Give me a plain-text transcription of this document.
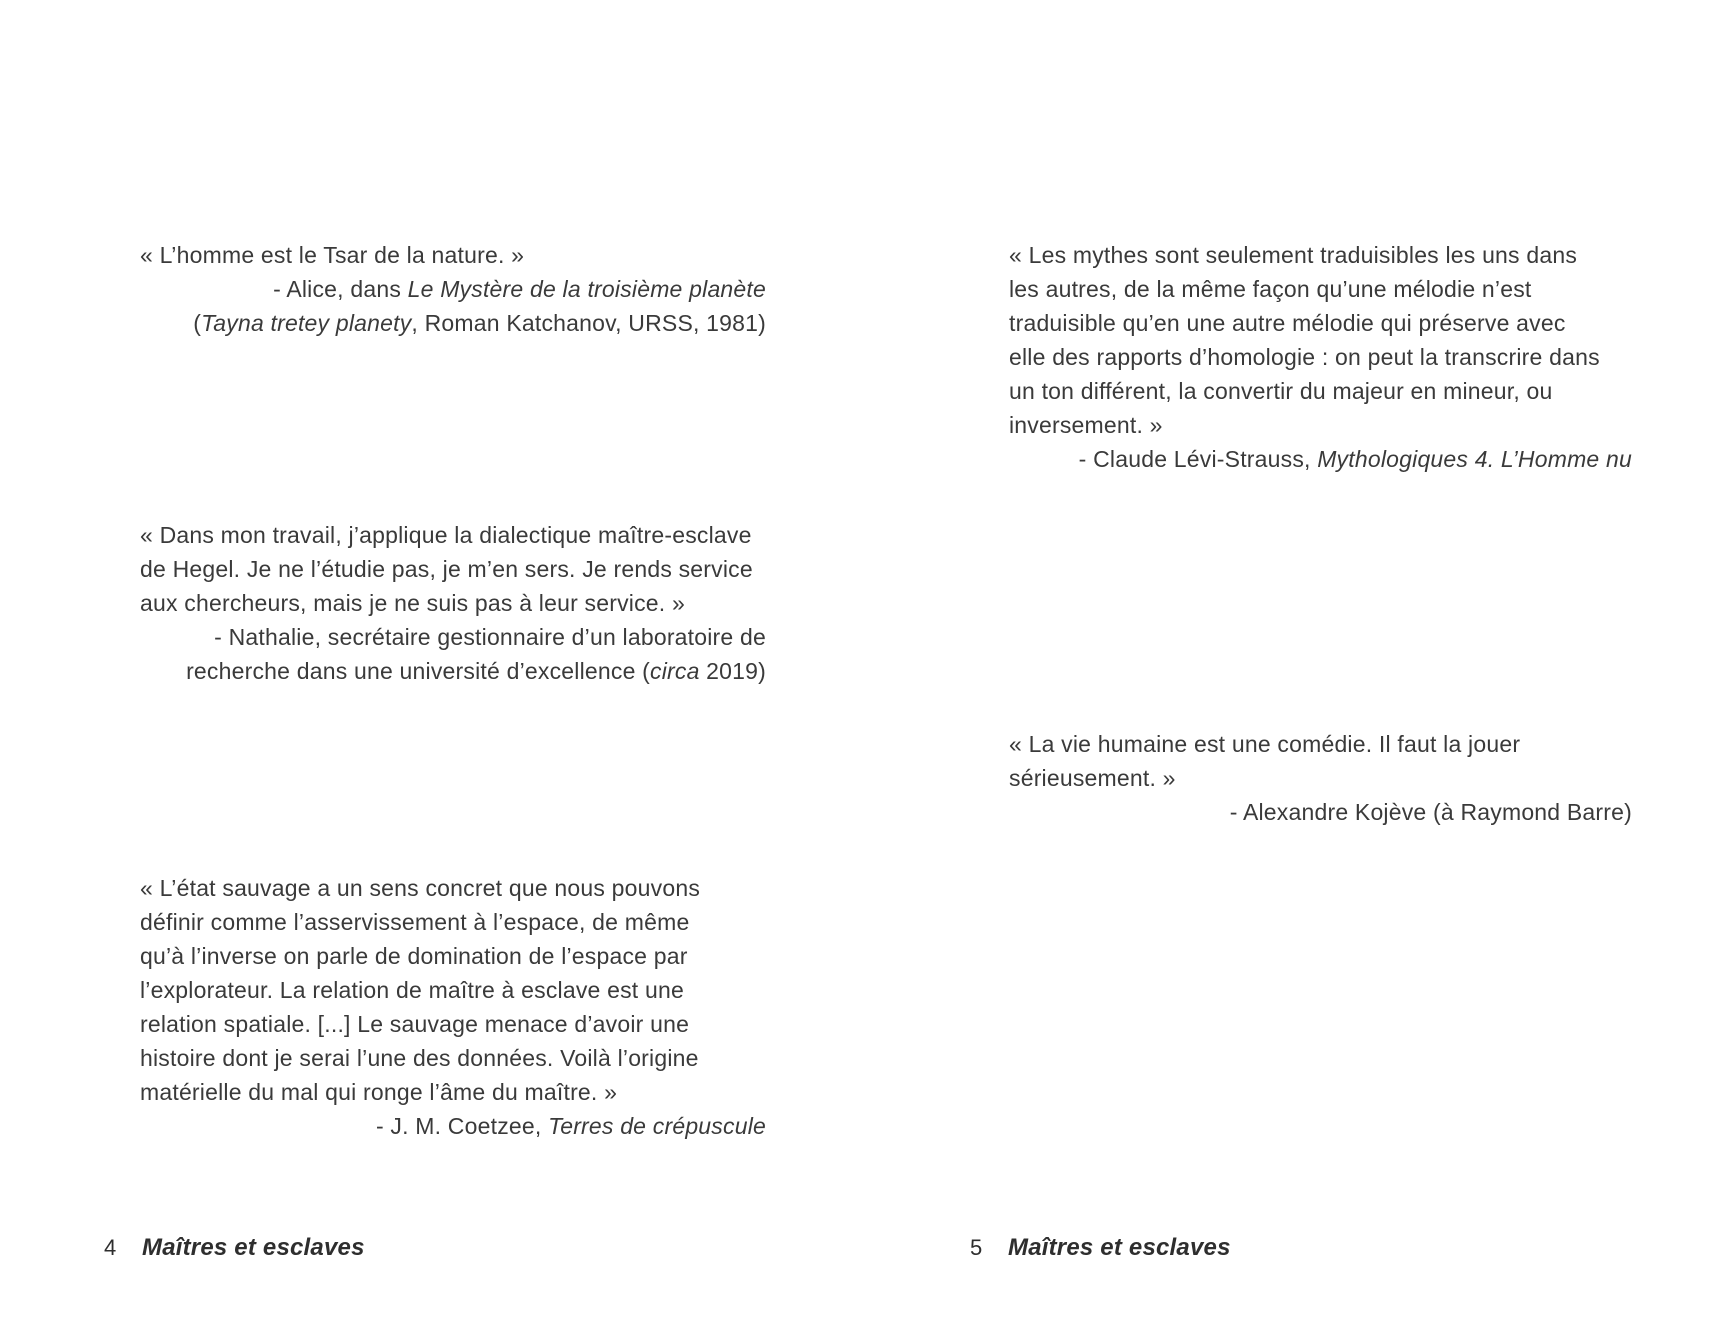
« L’homme est le Tsar de la nature. »
- Alice, dans Le Mystère de la troisième planète
(Tayna tretey planety, Roman Katchanov, URSS, 1981)
« Dans mon travail, j’applique la dialectique maître-esclave
de Hegel. Je ne l’étudie pas, je m’en sers. Je rends service
aux chercheurs, mais je ne suis pas à leur service. »
- Nathalie, secrétaire gestionnaire d’un laboratoire de
recherche dans une université d’excellence (circa 2019)
« L’état sauvage a un sens concret que nous pouvons
définir comme l’asservissement à l’espace, de même
qu’à l’inverse on parle de domination de l’espace par
l’explorateur. La relation de maître à esclave est une
relation spatiale. [...] Le sauvage menace d’avoir une
histoire dont je serai l’une des données. Voilà l’origine
matérielle du mal qui ronge l’âme du maître. »
- J. M. Coetzee, Terres de crépuscule
4 Maîtres et esclaves
« Les mythes sont seulement traduisibles les uns dans
les autres, de la même façon qu’une mélodie n’est
traduisible qu’en une autre mélodie qui préserve avec
elle des rapports d’homologie : on peut la transcrire dans
un ton différent, la convertir du majeur en mineur, ou
inversement. »
- Claude Lévi-Strauss, Mythologiques 4. L’Homme nu
« La vie humaine est une comédie. Il faut la jouer
sérieusement. »
- Alexandre Kojève (à Raymond Barre)
5 Maîtres et esclaves
